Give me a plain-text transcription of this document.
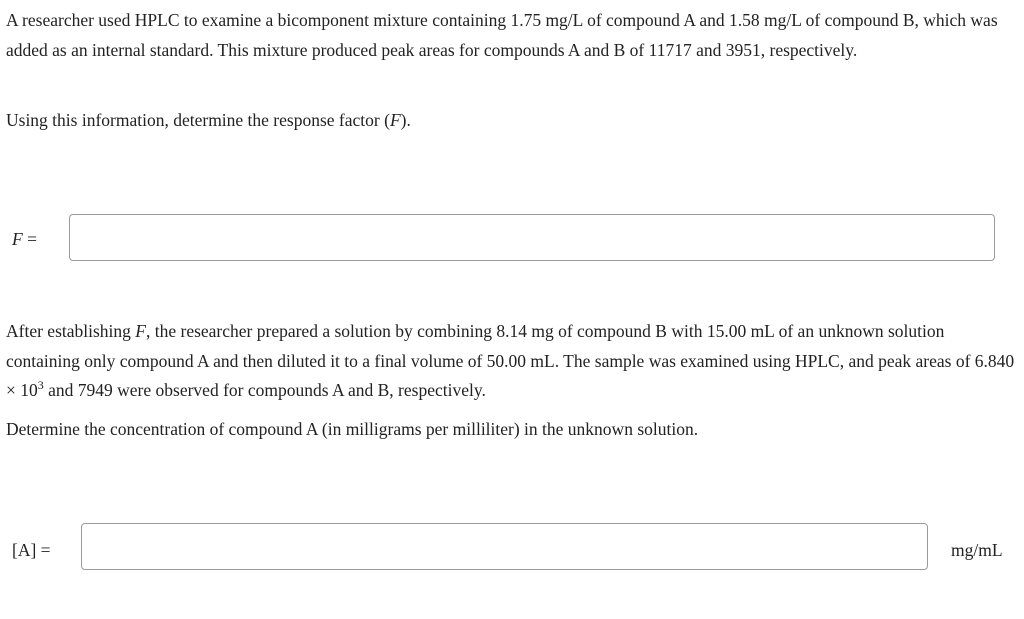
A researcher used HPLC to examine a bicomponent mixture containing 1.75 mg/L of compound A and 1.58 mg/L of compound B, which was added as an internal standard. This mixture produced peak areas for compounds A and B of 11717 and 3951, respectively.

Using this information, determine the response factor (F).

F =

After establishing F, the researcher prepared a solution by combining 8.14 mg of compound B with 15.00 mL of an unknown solution containing only compound A and then diluted it to a final volume of 50.00 mL. The sample was examined using HPLC, and peak areas of $6.840 \times 10^3$ and 7949 were observed for compounds A and B, respectively.

Determine the concentration of compound A (in milligrams per milliliter) in the unknown solution.

[A] =	mg/mL
